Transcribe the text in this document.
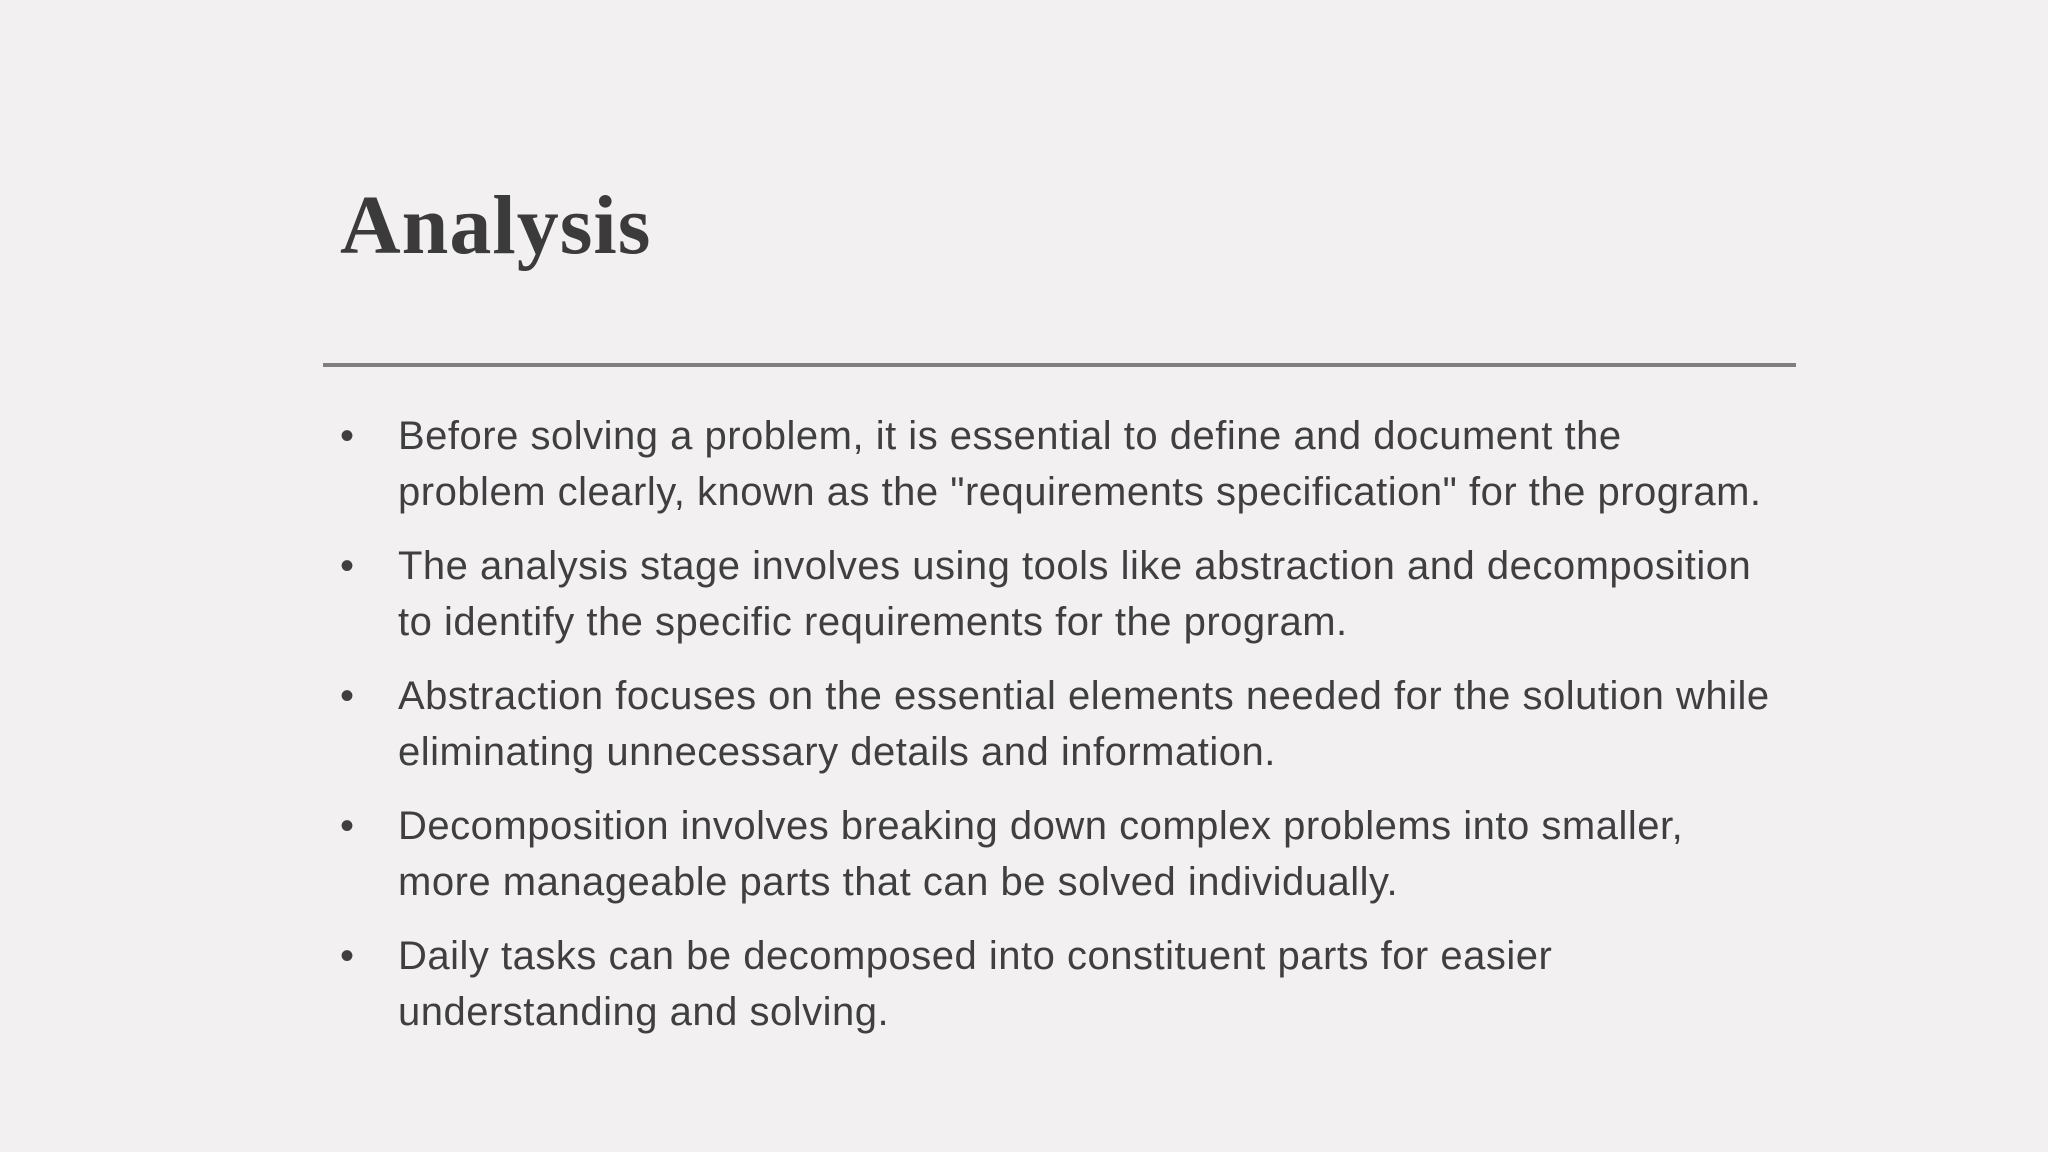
Analysis
• Before solving a problem, it is essential to define and document the problem clearly, known as the "requirements specification" for the program.
• The analysis stage involves using tools like abstraction and decomposition to identify the specific requirements for the program.
• Abstraction focuses on the essential elements needed for the solution while eliminating unnecessary details and information.
• Decomposition involves breaking down complex problems into smaller, more manageable parts that can be solved individually.
• Daily tasks can be decomposed into constituent parts for easier understanding and solving.
